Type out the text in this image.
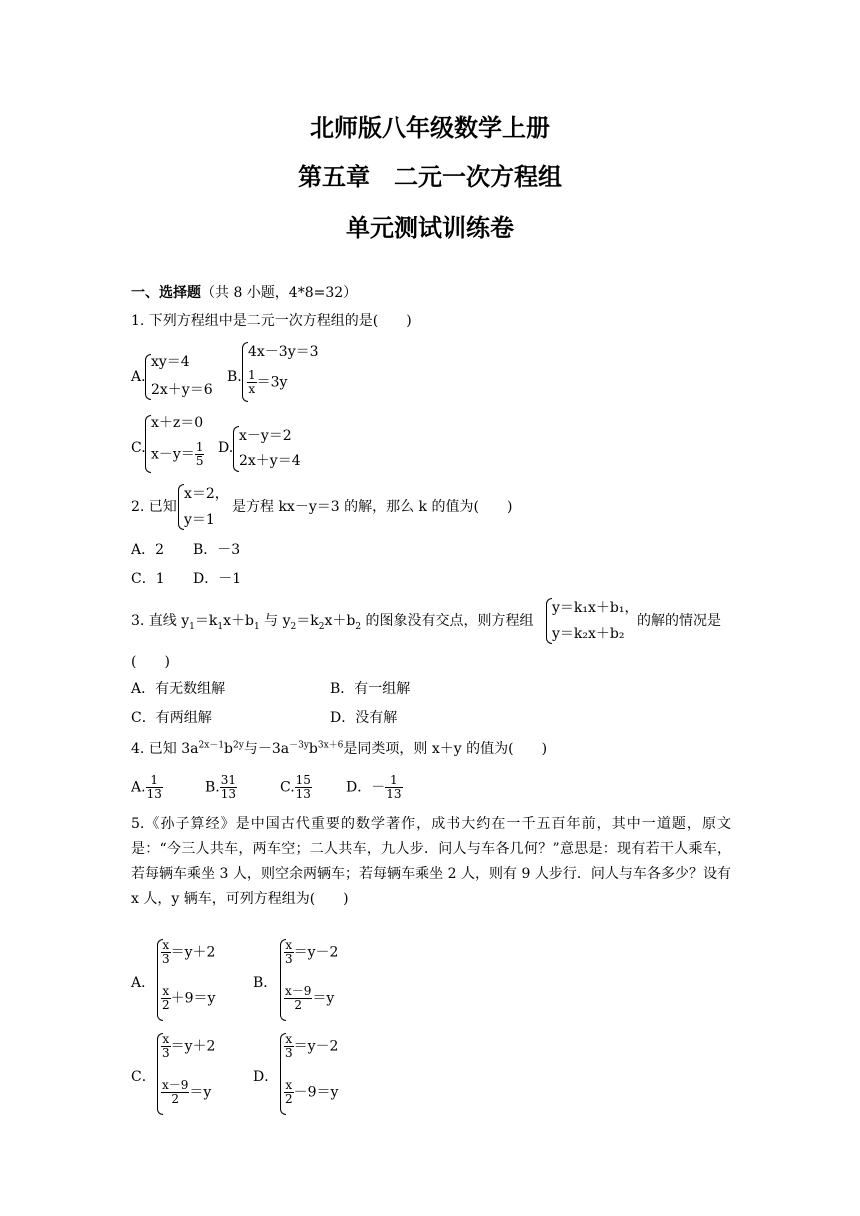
北师版八年级数学上册
第五章　二元一次方程组
单元测试训练卷
一、选择题（共 8 小题，4*8=32）
1. 下列方程组中是二元一次方程组的是(　　)
A.
xy＝4
2x＋y＝6
B.
4x－3y＝3
$\frac{1}{x} =3y$
C.
x＋z＝0
$x-y= \frac{1}{5} D$.
x－y＝2
2x＋y＝4
2. 已知
x＝2，
y＝1
是方程 kx－y＝3 的解，那么 k 的值为(　　)
A．2 B．－3
C．1 D．－1
3. 直线 $y_1=k_1x+b_1$ 与 $y_2=k_2x+b_2$ 的图象没有交点，则方程组
y＝k₁x＋b₁，
y＝k₂x＋b₂
的解的情况是
(　　)
A．有无数组解	B．有一组解
C．有两组解	D．没有解
4. 已知 $3a^{2x-1}b^{2y}$与$-3a^{-3y}b^{3x+6}$是同类项，则 x＋y 的值为(　　)
A. $\frac{1}{13}$	B. $\frac{31}{13}$	C. $\frac{15}{13}$ D．－ $\frac{1}{13}$
5.《孙子算经》是中国古代重要的数学著作，成书大约在一千五百年前，其中一道题，原文是：“今三人共车，两车空；二人共车，九人步．问人与车各几何？”意思是：现有若干人乘车，若每辆车乘坐 3 人，则空余两辆车；若每辆车乘坐 2 人，则有 9 人步行．问人与车各多少？设有 x 人，y 辆车，可列方程组为(　　)
A．
$\frac{x}{3} =y+2$
$\frac{x}{2} +9=y$
B．
$\frac{x}{3} =y-2$
$\frac{x-9}{2} =y$
C．
$\frac{x}{3} =y+2$
$\frac{x-9}{2} =y$
D．
$\frac{x}{3} =y-2$
$\frac{x}{2} -9=y$
